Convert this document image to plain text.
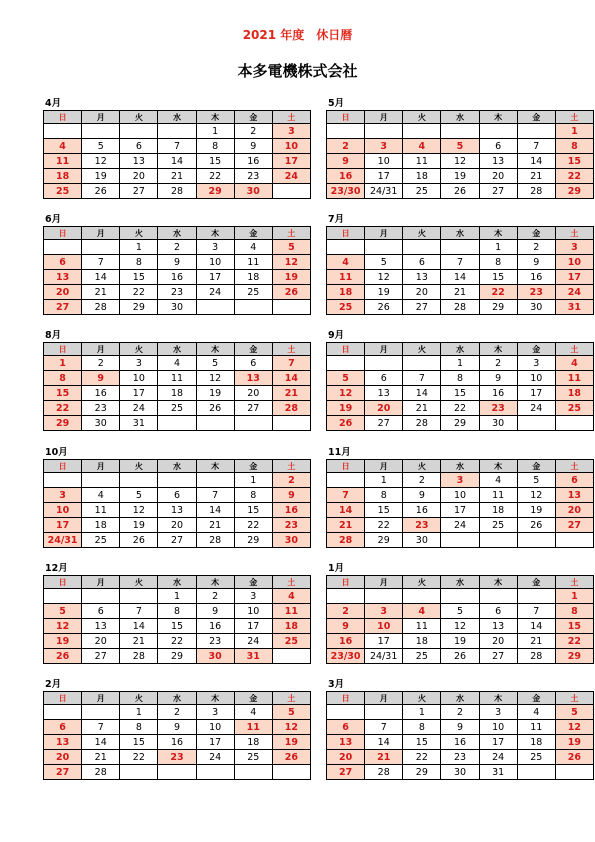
2021 年度　休日暦
本多電機株式会社
4月
日	月	火	水	木	金	土
				1	2	3
4	5	6	7	8	9	10
11	12	13	14	15	16	17
18	19	20	21	22	23	24
25	26	27	28	29	30	
5月
日	月	火	水	木	金	土
						1
2	3	4	5	6	7	8
9	10	11	12	13	14	15
16	17	18	19	20	21	22
23/30	24/31	25	26	27	28	29
6月
日	月	火	水	木	金	土
		1	2	3	4	5
6	7	8	9	10	11	12
13	14	15	16	17	18	19
20	21	22	23	24	25	26
27	28	29	30			
7月
日	月	火	水	木	金	土
				1	2	3
4	5	6	7	8	9	10
11	12	13	14	15	16	17
18	19	20	21	22	23	24
25	26	27	28	29	30	31
8月
日	月	火	水	木	金	土
1	2	3	4	5	6	7
8	9	10	11	12	13	14
15	16	17	18	19	20	21
22	23	24	25	26	27	28
29	30	31				
9月
日	月	火	水	木	金	土
			1	2	3	4
5	6	7	8	9	10	11
12	13	14	15	16	17	18
19	20	21	22	23	24	25
26	27	28	29	30		
10月
日	月	火	水	木	金	土
					1	2
3	4	5	6	7	8	9
10	11	12	13	14	15	16
17	18	19	20	21	22	23
24/31	25	26	27	28	29	30
11月
日	月	火	水	木	金	土
	1	2	3	4	5	6
7	8	9	10	11	12	13
14	15	16	17	18	19	20
21	22	23	24	25	26	27
28	29	30				
12月
日	月	火	水	木	金	土
			1	2	3	4
5	6	7	8	9	10	11
12	13	14	15	16	17	18
19	20	21	22	23	24	25
26	27	28	29	30	31	
1月
日	月	火	水	木	金	土
						1
2	3	4	5	6	7	8
9	10	11	12	13	14	15
16	17	18	19	20	21	22
23/30	24/31	25	26	27	28	29
2月
日	月	火	水	木	金	土
		1	2	3	4	5
6	7	8	9	10	11	12
13	14	15	16	17	18	19
20	21	22	23	24	25	26
27	28					
3月
日	月	火	水	木	金	土
		1	2	3	4	5
6	7	8	9	10	11	12
13	14	15	16	17	18	19
20	21	22	23	24	25	26
27	28	29	30	31		
